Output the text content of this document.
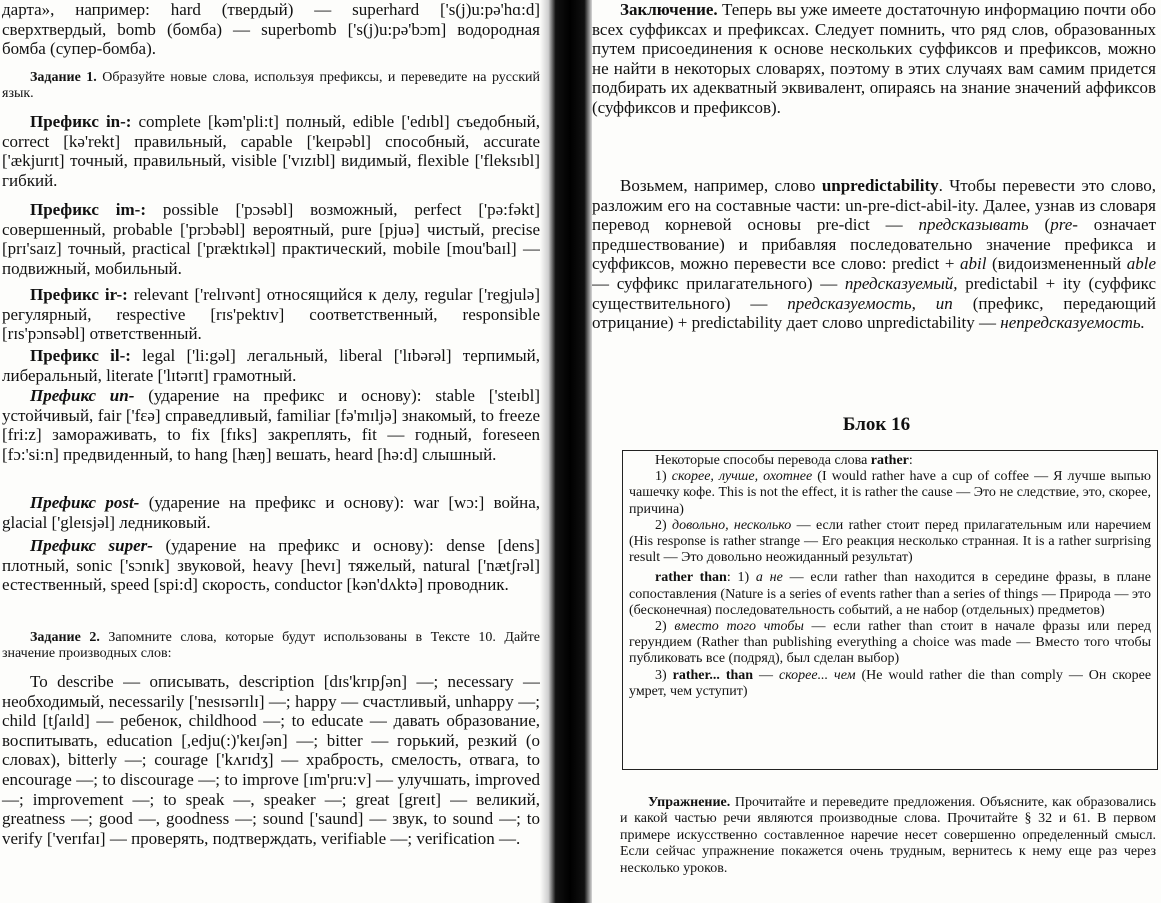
дарта», например: hard (твердый) — superhard ['s(j)u:pə'hɑ:d] сверхтвердый, bomb (бомба) — superbomb ['s(j)u:pə'bɔm] водородная бомба (супер-бомба).

Задание 1. Образуйте новые слова, используя префиксы, и переведите на русский язык.

Префикс in-: complete [kəm'pli:t] полный, edible ['edɪbl] съедобный, correct [kə'rekt] правильный, capable ['keɪpəbl] способный, accurate ['ækjurɪt] точный, правильный, visible ['vɪzɪbl] видимый, flexible ['fleksɪbl] гибкий.

Префикс im-: possible ['pɔsəbl] возможный, perfect ['pə:fəkt] совершенный, probable ['prɔbəbl] вероятный, pure [pjuə] чистый, precise [prɪ'saɪz] точный, practical ['præktɪkəl] практический, mobile [mou'baɪl] — подвижный, мобильный.

Префикс ir-: relevant ['relɪvənt] относящийся к делу, regular ['regjulə] регулярный, respective [rɪs'pektɪv] соответственный, responsible [rɪs'pɔnsəbl] ответственный.

Префикс il-: legal ['li:gəl] легальный, liberal ['lɪbərəl] терпимый, либеральный, literate ['lɪtərɪt] грамотный.

Префикс un- (ударение на префикс и основу): stable ['steɪbl] устойчивый, fair ['fɛə] справедливый, familiar [fə'mɪljə] знакомый, to freeze [fri:z] замораживать, to fix [fɪks] закреплять, fit — годный, foreseen [fɔ:'si:n] предвиденный, to hang [hæŋ] вешать, heard [hə:d] слышный.

Префикс post- (ударение на префикс и основу): war [wɔ:] война, glacial ['gleɪsjəl] ледниковый.

Префикс super- (ударение на префикс и основу): dense [dens] плотный, sonic ['sɔnɪk] звуковой, heavy [hevɪ] тяжелый, natural ['nætʃrəl] естественный, speed [spi:d] скорость, conductor [kən'dʌktə] проводник.

Задание 2. Запомните слова, которые будут использованы в Тексте 10. Дайте значение производных слов:

To describe — описывать, description [dɪs'krɪpʃən] —; necessary — необходимый, necessarily ['nesɪsərɪlɪ] —; happy — счастливый, unhappy —; child [tʃaɪld] — ребенок, childhood —; to educate — давать образование, воспитывать, education [,edju(:)'keɪʃən] —; bitter — горький, резкий (о словах), bitterly —; courage ['kʌrɪdʒ] — храбрость, смелость, отвага, to encourage —; to discourage —; to improve [ɪm'pru:v] — улучшать, improved —; improvement —; to speak —, speaker —; great [greɪt] — великий, greatness —; good —, goodness —; sound ['saund] — звук, to sound —; to verify ['verɪfaɪ] — проверять, подтверждать, verifiable —; verification —.

Заключение. Теперь вы уже имеете достаточную информацию почти обо всех суффиксах и префиксах. Следует помнить, что ряд слов, образованных путем присоединения к основе нескольких суффиксов и префиксов, можно не найти в некоторых словарях, поэтому в этих случаях вам самим придется подбирать их адекватный эквивалент, опираясь на знание значений аффиксов (суффиксов и префиксов).

Возьмем, например, слово unpredictability. Чтобы перевести это слово, разложим его на составные части: un-pre-dict-abil-ity. Далее, узнав из словаря перевод корневой основы pre-dict — предсказывать (pre- означает предшествование) и прибавляя последовательно значение префикса и суффиксов, можно перевести все слово: predict + abil (видоизмененный able — суффикс прилагательного) — предсказуемый, predictabil + ity (суффикс существительного) — предсказуемость, un (префикс, передающий отрицание) + predictability дает слово unpredictability — непредсказуемость.

Блок 16

Некоторые способы перевода слова rather:

1) скорее, лучше, охотнее (I would rather have a cup of coffee — Я лучше выпью чашечку кофе. This is not the effect, it is rather the cause — Это не следствие, это, скорее, причина)

2) довольно, несколько — если rather стоит перед прилагательным или наречием (His response is rather strange — Его реакция несколько странная. It is a rather surprising result — Это довольно неожиданный результат)

rather than: 1) а не — если rather than находится в середине фразы, в плане сопоставления (Nature is a series of events rather than a series of things — Природа — это (бесконечная) последовательность событий, а не набор (отдельных) предметов)

2) вместо того чтобы — если rather than стоит в начале фразы или перед герундием (Rather than publishing everything a choice was made — Вместо того чтобы публиковать все (подряд), был сделан выбор)

3) rather... than — скорее... чем (He would rather die than comply — Он скорее умрет, чем уступит)

Упражнение. Прочитайте и переведите предложения. Объясните, как образовались и какой частью речи являются производные слова. Прочитайте § 32 и 61. В первом примере искусственно составленное наречие несет совершенно определенный смысл. Если сейчас упражнение покажется очень трудным, вернитесь к нему еще раз через несколько уроков.
